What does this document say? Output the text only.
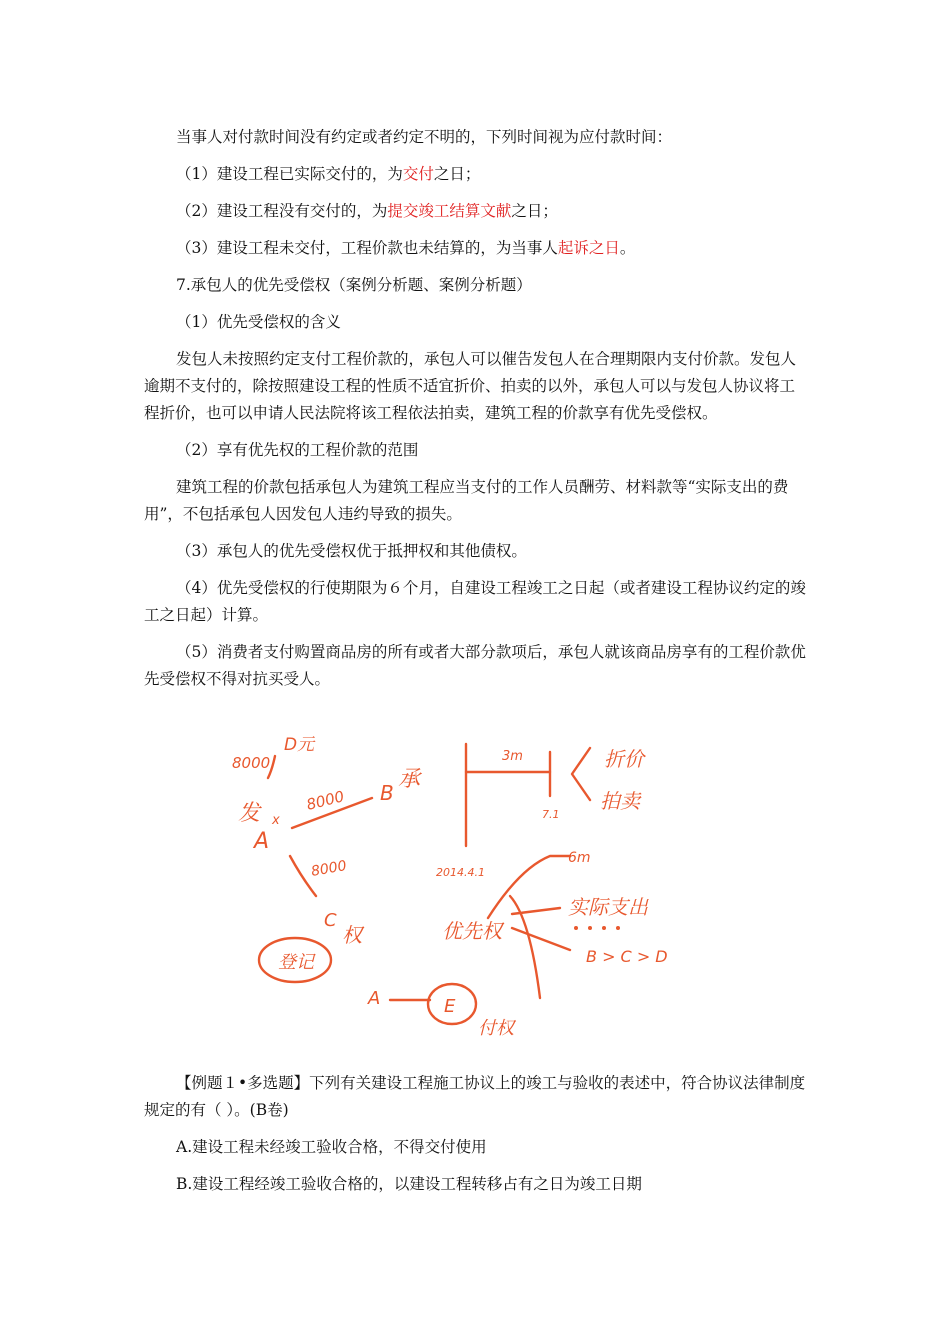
当事人对付款时间没有约定或者约定不明的，下列时间视为应付款时间：

（1）建设工程已实际交付的，为交付之日；

（2）建设工程没有交付的，为提交竣工结算文献之日；

（3）建设工程未交付，工程价款也未结算的，为当事人起诉之日。

7.承包人的优先受偿权（案例分析题、案例分析题）

（1）优先受偿权的含义

发包人未按照约定支付工程价款的，承包人可以催告发包人在合理期限内支付价款。发包人逾期不支付的，除按照建设工程的性质不适宜折价、拍卖的以外，承包人可以与发包人协议将工程折价，也可以申请人民法院将该工程依法拍卖，建筑工程的价款享有优先受偿权。

（2）享有优先权的工程价款的范围

建筑工程的价款包括承包人为建筑工程应当支付的工作人员酬劳、材料款等“实际支出的费用”，不包括承包人因发包人违约导致的损失。

（3）承包人的优先受偿权优于抵押权和其他债权。

（4）优先受偿权的行使期限为６个月，自建设工程竣工之日起（或者建设工程协议约定的竣工之日起）计算。

（5）消费者支付购置商品房的所有或者大部分款项后，承包人就该商品房享有的工程价款优先受偿权不得对抗买受人。

8000
D元
发
A
x
8000 B
承
8000
C
权
登记
A	E
付权
3m
7.1
折价
拍卖
2014.4.1
6m
优先权
实际支出
B > C > D

【例题１•多选题】下列有关建设工程施工协议上的竣工与验收的表述中，符合协议法律制度规定的有（ ）。(B卷)

A.建设工程未经竣工验收合格，不得交付使用

B.建设工程经竣工验收合格的，以建设工程转移占有之日为竣工日期
